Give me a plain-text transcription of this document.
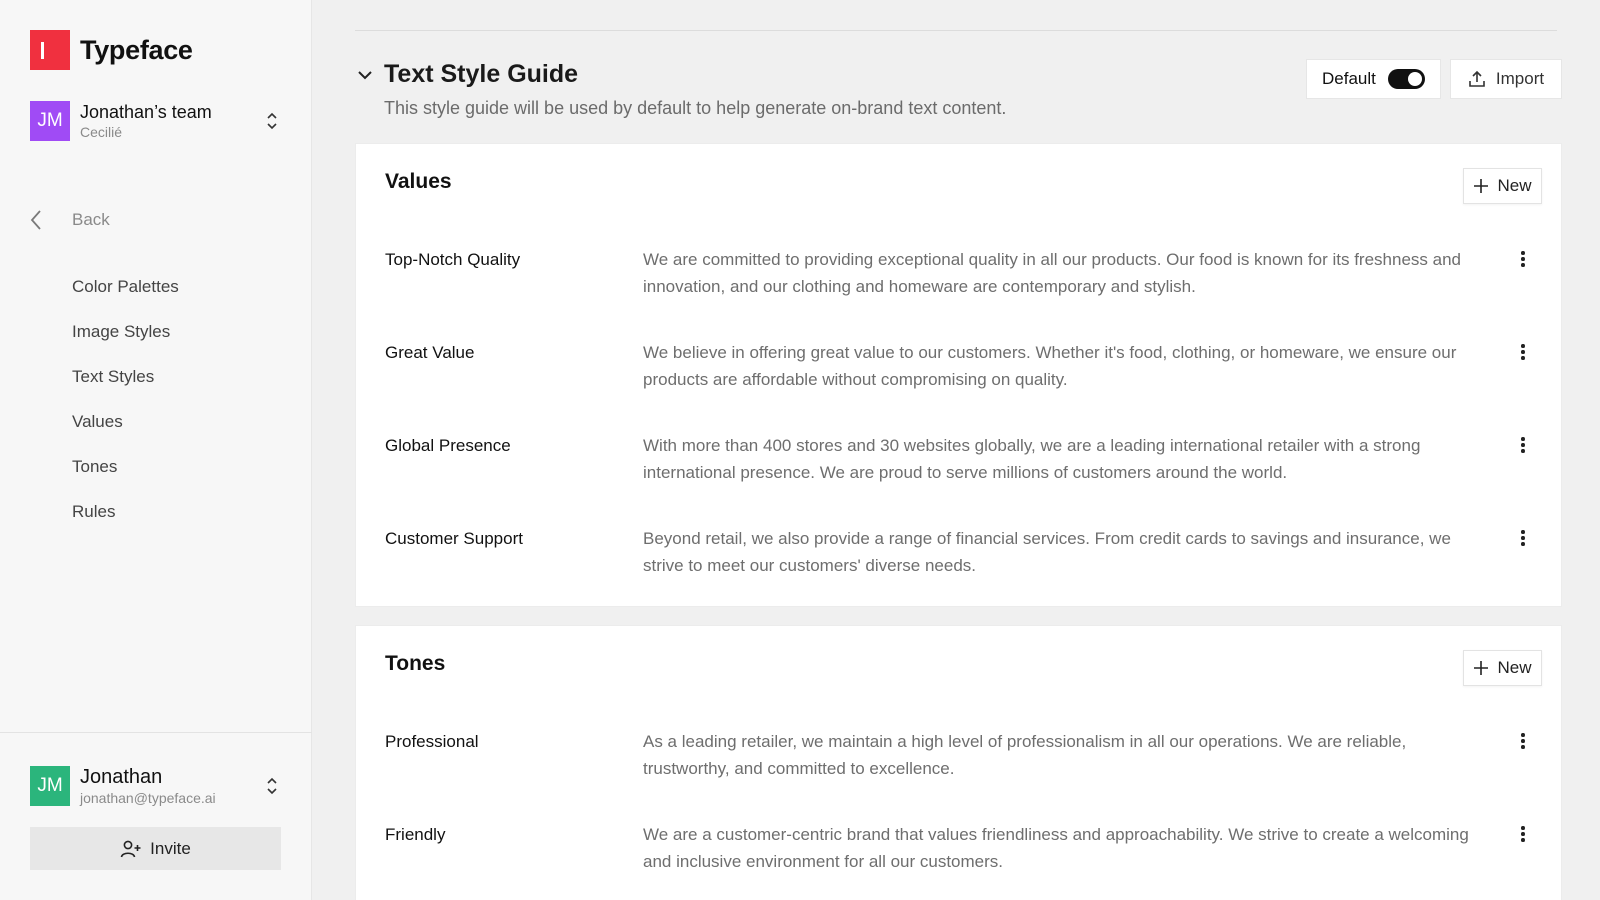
Typeface
JM Jonathan’s team
Cecilié
Back
Color Palettes
Image Styles
Text Styles
Values
Tones
Rules
JM Jonathan
jonathan@typeface.ai
Invite
Text Style Guide

This style guide will be used by default to help generate on-brand text content.

Default	Import
Values	New
Top-Notch Quality	We are committed to providing exceptional quality in all our products. Our food is known for its freshness and innovation, and our clothing and homeware are contemporary and stylish.
Great Value	We believe in offering great value to our customers. Whether it's food, clothing, or homeware, we ensure our products are affordable without compromising on quality.
Global Presence	With more than 400 stores and 30 websites globally, we are a leading international retailer with a strong international presence. We are proud to serve millions of customers around the world.
Customer Support	Beyond retail, we also provide a range of financial services. From credit cards to savings and insurance, we strive to meet our customers' diverse needs.
Tones	New
Professional	As a leading retailer, we maintain a high level of professionalism in all our operations. We are reliable, trustworthy, and committed to excellence.
Friendly	We are a customer-centric brand that values friendliness and approachability. We strive to create a welcoming and inclusive environment for all our customers.
